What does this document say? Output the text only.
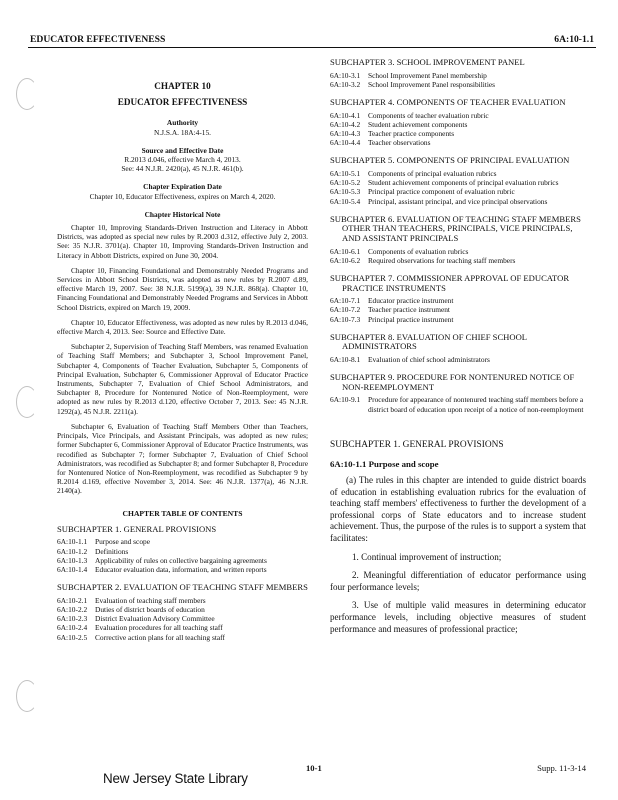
EDUCATOR EFFECTIVENESS	6A:10-1.1
CHAPTER 10
EDUCATOR EFFECTIVENESS
Authority
N.J.S.A. 18A:4-15.
Source and Effective Date
R.2013 d.046, effective March 4, 2013.
See: 44 N.J.R. 2420(a), 45 N.J.R. 461(b).
Chapter Expiration Date
Chapter 10, Educator Effectiveness, expires on March 4, 2020.
Chapter Historical Note

Chapter 10, Improving Standards-Driven Instruction and Literacy in Abbott Districts, was adopted as special new rules by R.2003 d.312, effective July 2, 2003. See: 35 N.J.R. 3701(a). Chapter 10, Improving Standards-Driven Instruction and Literacy in Abbott Districts, expired on June 30, 2004.

Chapter 10, Financing Foundational and Demonstrably Needed Programs and Services in Abbott School Districts, was adopted as new rules by R.2007 d.89, effective March 19, 2007. See: 38 N.J.R. 5199(a), 39 N.J.R. 868(a). Chapter 10, Financing Foundational and Demonstrably Needed Programs and Services in Abbott School Districts, expired on March 19, 2009.

Chapter 10, Educator Effectiveness, was adopted as new rules by R.2013 d.046, effective March 4, 2013. See: Source and Effective Date.

Subchapter 2, Supervision of Teaching Staff Members, was renamed Evaluation of Teaching Staff Members; and Subchapter 3, School Improvement Panel, Subchapter 4, Components of Teacher Evaluation, Subchapter 5, Components of Principal Evaluation, Subchapter 6, Commissioner Approval of Educator Practice Instruments, Subchapter 7, Evaluation of Chief School Administrators, and Subchapter 8, Procedure for Nontenured Notice of Non-Reemployment, were adopted as new rules by R.2013 d.120, effective October 7, 2013. See: 45 N.J.R. 1292(a), 45 N.J.R. 2211(a).

Subchapter 6, Evaluation of Teaching Staff Members Other than Teachers, Principals, Vice Principals, and Assistant Principals, was adopted as new rules; former Subchapter 6, Commissioner Approval of Educator Practice Instruments, was recodified as Subchapter 7; former Subchapter 7, Evaluation of Chief School Administrators, was recodified as Subchapter 8; and former Subchapter 8, Procedure for Nontenured Notice of Non-Reemployment, was recodified as Subchapter 9 by R.2014 d.169, effective November 3, 2014. See: 46 N.J.R. 1377(a), 46 N.J.R. 2140(a).

CHAPTER TABLE OF CONTENTS
SUBCHAPTER 1. GENERAL PROVISIONS
6A:10-1.1	Purpose and scope
6A:10-1.2	Definitions
6A:10-1.3	Applicability of rules on collective bargaining agreements
6A:10-1.4	Educator evaluation data, information, and written reports
SUBCHAPTER 2. EVALUATION OF TEACHING STAFF MEMBERS
6A:10-2.1	Evaluation of teaching staff members
6A:10-2.2	Duties of district boards of education
6A:10-2.3	District Evaluation Advisory Committee
6A:10-2.4	Evaluation procedures for all teaching staff
6A:10-2.5	Corrective action plans for all teaching staff
SUBCHAPTER 3. SCHOOL IMPROVEMENT PANEL
6A:10-3.1	School Improvement Panel membership
6A:10-3.2	School Improvement Panel responsibilities
SUBCHAPTER 4. COMPONENTS OF TEACHER EVALUATION
6A:10-4.1	Components of teacher evaluation rubric
6A:10-4.2	Student achievement components
6A:10-4.3	Teacher practice components
6A:10-4.4	Teacher observations
SUBCHAPTER 5. COMPONENTS OF PRINCIPAL EVALUATION
6A:10-5.1	Components of principal evaluation rubrics
6A:10-5.2	Student achievement components of principal evaluation rubrics
6A:10-5.3	Principal practice component of evaluation rubric
6A:10-5.4	Principal, assistant principal, and vice principal observations
SUBCHAPTER 6. EVALUATION OF TEACHING STAFF MEMBERS OTHER THAN TEACHERS, PRINCIPALS, VICE PRINCIPALS, AND ASSISTANT PRINCIPALS
6A:10-6.1	Components of evaluation rubrics
6A:10-6.2	Required observations for teaching staff members
SUBCHAPTER 7. COMMISSIONER APPROVAL OF EDUCATOR PRACTICE INSTRUMENTS
6A:10-7.1	Educator practice instrument
6A:10-7.2	Teacher practice instrument
6A:10-7.3	Principal practice instrument
SUBCHAPTER 8. EVALUATION OF CHIEF SCHOOL ADMINISTRATORS
6A:10-8.1	Evaluation of chief school administrators
SUBCHAPTER 9. PROCEDURE FOR NONTENURED NOTICE OF NON-REEMPLOYMENT
6A:10-9.1	Procedure for appearance of nontenured teaching staff members before a district board of education upon receipt of a notice of non-reemployment
SUBCHAPTER 1. GENERAL PROVISIONS
6A:10-1.1 Purpose and scope

(a) The rules in this chapter are intended to guide district boards of education in establishing evaluation rubrics for the evaluation of teaching staff members' effectiveness to further the development of a professional corps of State educators and to increase student achievement. Thus, the purpose of the rules is to support a system that facilitates:

1. Continual improvement of instruction;

2. Meaningful differentiation of educator performance using four performance levels;

3. Use of multiple valid measures in determining educator performance levels, including objective measures of student performance and measures of professional practice;

New Jersey State Library
10-1	Supp. 11-3-14
